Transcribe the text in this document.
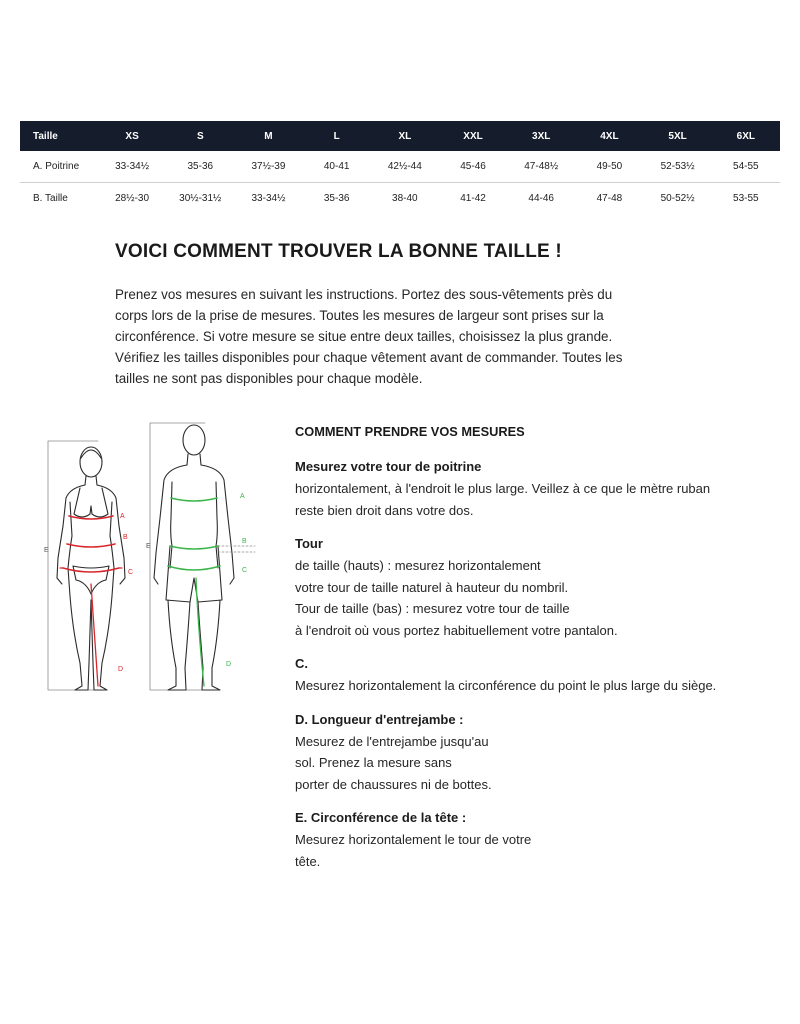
Taille	XS	S	M	L	XL	XXL	3XL	4XL	5XL	6XL
A. Poitrine	33-34½	35-36	37½-39	40-41	42½-44	45-46	47-48½	49-50	52-53½	54-55
B. Taille	28½-30	30½-31½	33-34½	35-36	38-40	41-42	44-46	47-48	50-52½	53-55
VOICI COMMENT TROUVER LA BONNE TAILLE !

Prenez vos mesures en suivant les instructions. Portez des sous-vêtements près du
corps lors de la prise de mesures. Toutes les mesures de largeur sont prises sur la
circonférence. Si votre mesure se situe entre deux tailles, choisissez la plus grande.
Vérifiez les tailles disponibles pour chaque vêtement avant de commander. Toutes les
tailles ne sont pas disponibles pour chaque modèle.

A
B
C
D
E
A
B
C
D
E
COMMENT PRENDRE VOS MESURES
Mesurez votre tour de poitrine
horizontalement, à l'endroit le plus large. Veillez à ce que le mètre ruban
reste bien droit dans votre dos.
Tour
de taille (hauts) : mesurez horizontalement
votre tour de taille naturel à hauteur du nombril.
Tour de taille (bas) : mesurez votre tour de taille
à l'endroit où vous portez habituellement votre pantalon.
C.
Mesurez horizontalement la circonférence du point le plus large du siège.
D. Longueur d'entrejambe :
Mesurez de l'entrejambe jusqu'au
sol. Prenez la mesure sans
porter de chaussures ni de bottes.
E. Circonférence de la tête :
Mesurez horizontalement le tour de votre
tête.
